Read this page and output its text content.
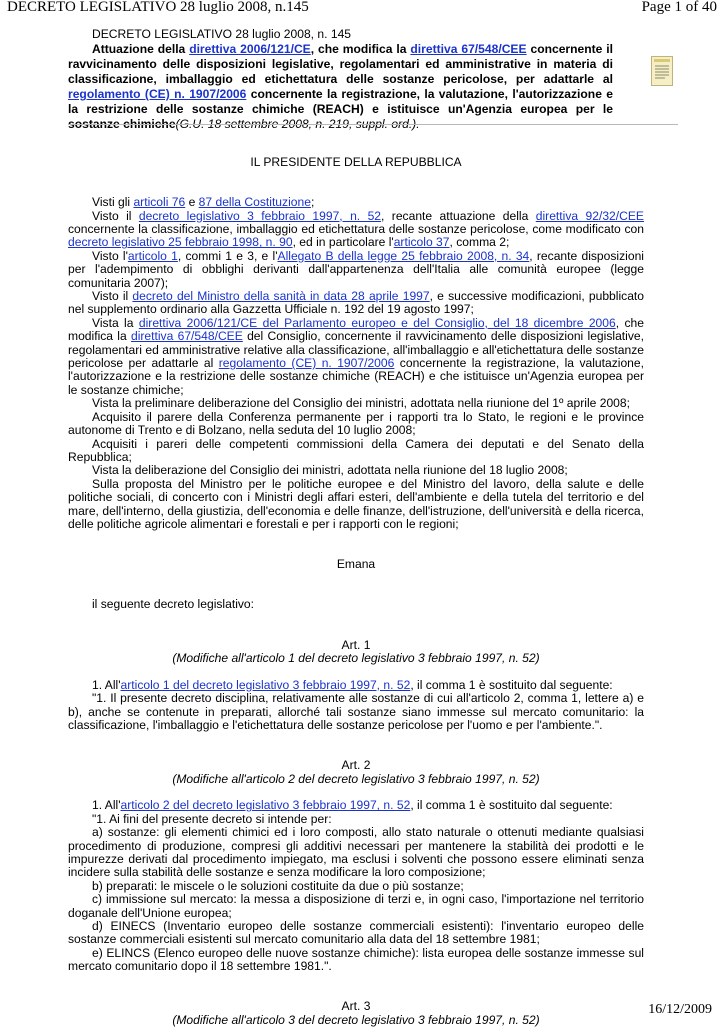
DECRETO LEGISLATIVO 28 luglio 2008, n.145	Page 1 of 40
DECRETO LEGISLATIVO 28 luglio 2008, n. 145
Attuazione della direttiva 2006/121/CE, che modifica la direttiva 67/548/CEE concernente il ravvicinamento delle disposizioni legislative, regolamentari ed amministrative in materia di classificazione, imballaggio ed etichettatura delle sostanze pericolose, per adattarle al regolamento (CE) n. 1907/2006 concernente la registrazione, la valutazione, l'autorizzazione e la restrizione delle sostanze chimiche (REACH) e istituisce un'Agenzia europea per le sostanze chimiche(G.U. 18 settembre 2008, n. 219, suppl. ord.).

IL PRESIDENTE DELLA REPUBBLICA

Visti gli articoli 76 e 87 della Costituzione;

Visto il decreto legislativo 3 febbraio 1997, n. 52, recante attuazione della direttiva 92/32/CEE concernente la classificazione, imballaggio ed etichettatura delle sostanze pericolose, come modificato con decreto legislativo 25 febbraio 1998, n. 90, ed in particolare l'articolo 37, comma 2;

Visto l'articolo 1, commi 1 e 3, e l'Allegato B della legge 25 febbraio 2008, n. 34, recante disposizioni per l'adempimento di obblighi derivanti dall'appartenenza dell'Italia alle comunità europee (legge comunitaria 2007);

Visto il decreto del Ministro della sanità in data 28 aprile 1997, e successive modificazioni, pubblicato nel supplemento ordinario alla Gazzetta Ufficiale n. 192 del 19 agosto 1997;

Vista la direttiva 2006/121/CE del Parlamento europeo e del Consiglio, del 18 dicembre 2006, che modifica la direttiva 67/548/CEE del Consiglio, concernente il ravvicinamento delle disposizioni legislative, regolamentari ed amministrative relative alla classificazione, all'imballaggio e all'etichettatura delle sostanze pericolose per adattarle al regolamento (CE) n. 1907/2006 concernente la registrazione, la valutazione, l'autorizzazione e la restrizione delle sostanze chimiche (REACH) e che istituisce un'Agenzia europea per le sostanze chimiche;

Vista la preliminare deliberazione del Consiglio dei ministri, adottata nella riunione del 1º aprile 2008;

Acquisito il parere della Conferenza permanente per i rapporti tra lo Stato, le regioni e le province autonome di Trento e di Bolzano, nella seduta del 10 luglio 2008;

Acquisiti i pareri delle competenti commissioni della Camera dei deputati e del Senato della Repubblica;

Vista la deliberazione del Consiglio dei ministri, adottata nella riunione del 18 luglio 2008;

Sulla proposta del Ministro per le politiche europee e del Ministro del lavoro, della salute e delle politiche sociali, di concerto con i Ministri degli affari esteri, dell'ambiente e della tutela del territorio e del mare, dell'interno, della giustizia, dell'economia e delle finanze, dell'istruzione, dell'università e della ricerca, delle politiche agricole alimentari e forestali e per i rapporti con le regioni;

Emana

il seguente decreto legislativo:

Art. 1

(Modifiche all'articolo 1 del decreto legislativo 3 febbraio 1997, n. 52)

1. All'articolo 1 del decreto legislativo 3 febbraio 1997, n. 52, il comma 1 è sostituito dal seguente:

"1. Il presente decreto disciplina, relativamente alle sostanze di cui all'articolo 2, comma 1, lettere a) e b), anche se contenute in preparati, allorché tali sostanze siano immesse sul mercato comunitario: la classificazione, l'imballaggio e l'etichettatura delle sostanze pericolose per l'uomo e per l'ambiente.".

Art. 2

(Modifiche all'articolo 2 del decreto legislativo 3 febbraio 1997, n. 52)

1. All'articolo 2 del decreto legislativo 3 febbraio 1997, n. 52, il comma 1 è sostituito dal seguente:

"1. Ai fini del presente decreto si intende per:

a) sostanze: gli elementi chimici ed i loro composti, allo stato naturale o ottenuti mediante qualsiasi procedimento di produzione, compresi gli additivi necessari per mantenere la stabilità dei prodotti e le impurezze derivati dal procedimento impiegato, ma esclusi i solventi che possono essere eliminati senza incidere sulla stabilità delle sostanze e senza modificare la loro composizione;

b) preparati: le miscele o le soluzioni costituite da due o più sostanze;

c) immissione sul mercato: la messa a disposizione di terzi e, in ogni caso, l'importazione nel territorio doganale dell'Unione europea;

d) EINECS (Inventario europeo delle sostanze commerciali esistenti): l'inventario europeo delle sostanze commerciali esistenti sul mercato comunitario alla data del 18 settembre 1981;

e) ELINCS (Elenco europeo delle nuove sostanze chimiche): lista europea delle sostanze immesse sul mercato comunitario dopo il 18 settembre 1981.".

Art. 3

(Modifiche all'articolo 3 del decreto legislativo 3 febbraio 1997, n. 52)

16/12/2009
